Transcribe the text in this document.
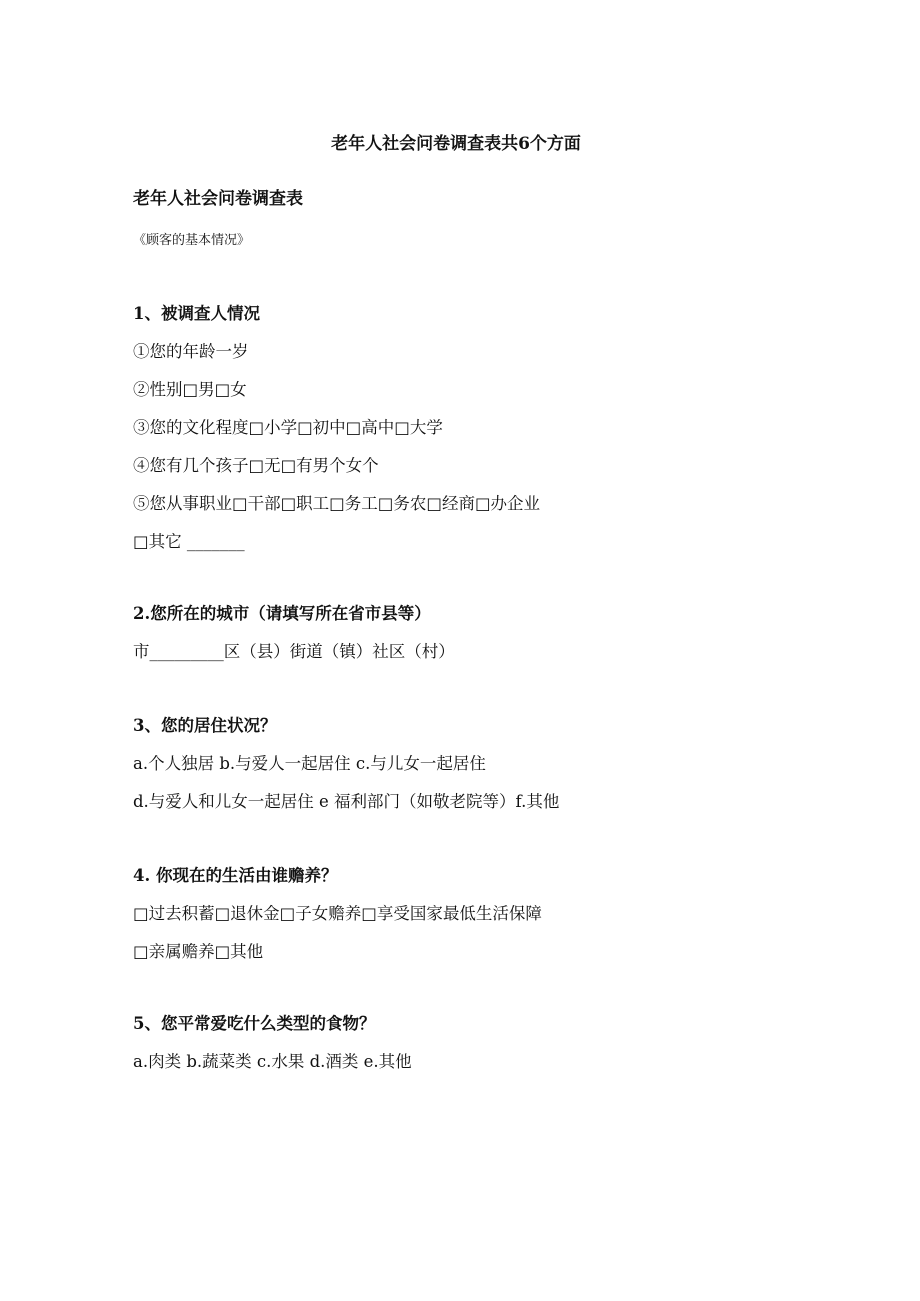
老年人社会问卷调查表共6个方面
老年人社会问卷调查表
《顾客的基本情况》

1、被调查人情况

①您的年龄一岁

②性别□男□女

③您的文化程度□小学□初中□高中□大学

④您有几个孩子□无□有男个女个

⑤您从事职业□干部□职工□务工□务农□经商□办企业

□其它 _______

2.您所在的城市（请填写所在省市县等）

市_________区（县）街道（镇）社区（村）

3、您的居住状况？

a.个人独居 b.与爱人一起居住 c.与儿女一起居住

d.与爱人和儿女一起居住 e 福利部门（如敬老院等）f.其他

4. 你现在的生活由谁赡养？

□过去积蓄□退休金□子女赡养□享受国家最低生活保障

□亲属赡养□其他

5、您平常爱吃什么类型的食物？

a.肉类 b.蔬菜类 c.水果 d.酒类 e.其他
